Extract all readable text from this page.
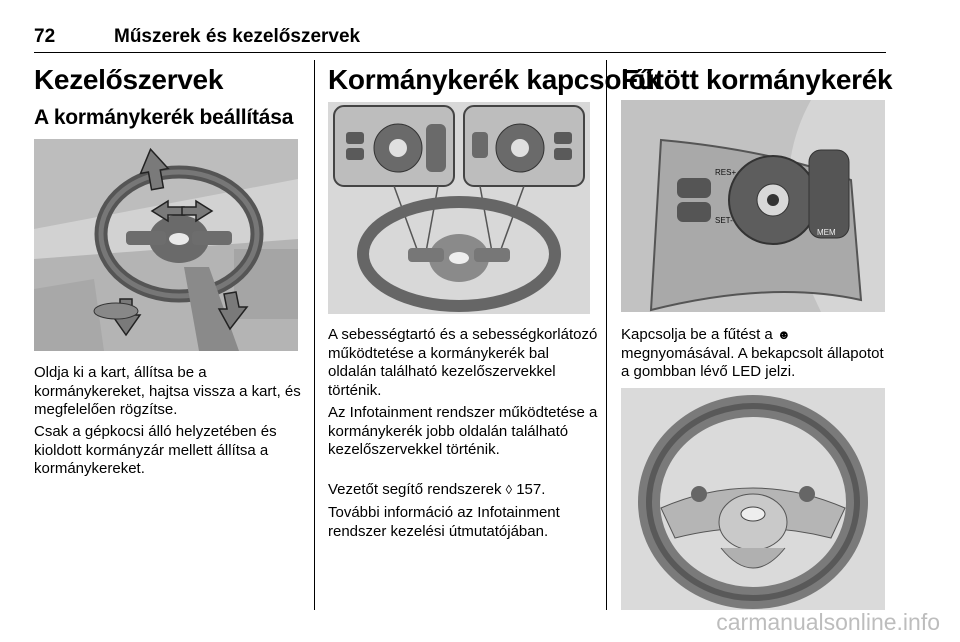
72	Műszerek és kezelőszervek
Kezelőszervek
A kormánykerék beállítása

Oldja ki a kart, állítsa be a kormánykereket, hajtsa vissza a kart, és megfelelően rögzítse.

Csak a gépkocsi álló helyzetében és kioldott kormányzár mellett állítsa a kormánykereket.

Kormánykerék kapcsolók

A sebességtartó és a sebességkorlátozó működtetése a kormánykerék bal oldalán található kezelőszervekkel történik.

Az Infotainment rendszer működtetése a kormánykerék jobb oldalán található kezelőszervekkel történik.

Vezetőt segítő rendszerek ◊ 157.

További információ az Infotainment rendszer kezelési útmutatójában.

Fűtött kormánykerék
RES+
SET-
MEM

Kapcsolja be a fűtést a ☻ megnyomásával. A bekapcsolt állapotot a gombban lévő LED jelzi.

carmanualsonline.info
